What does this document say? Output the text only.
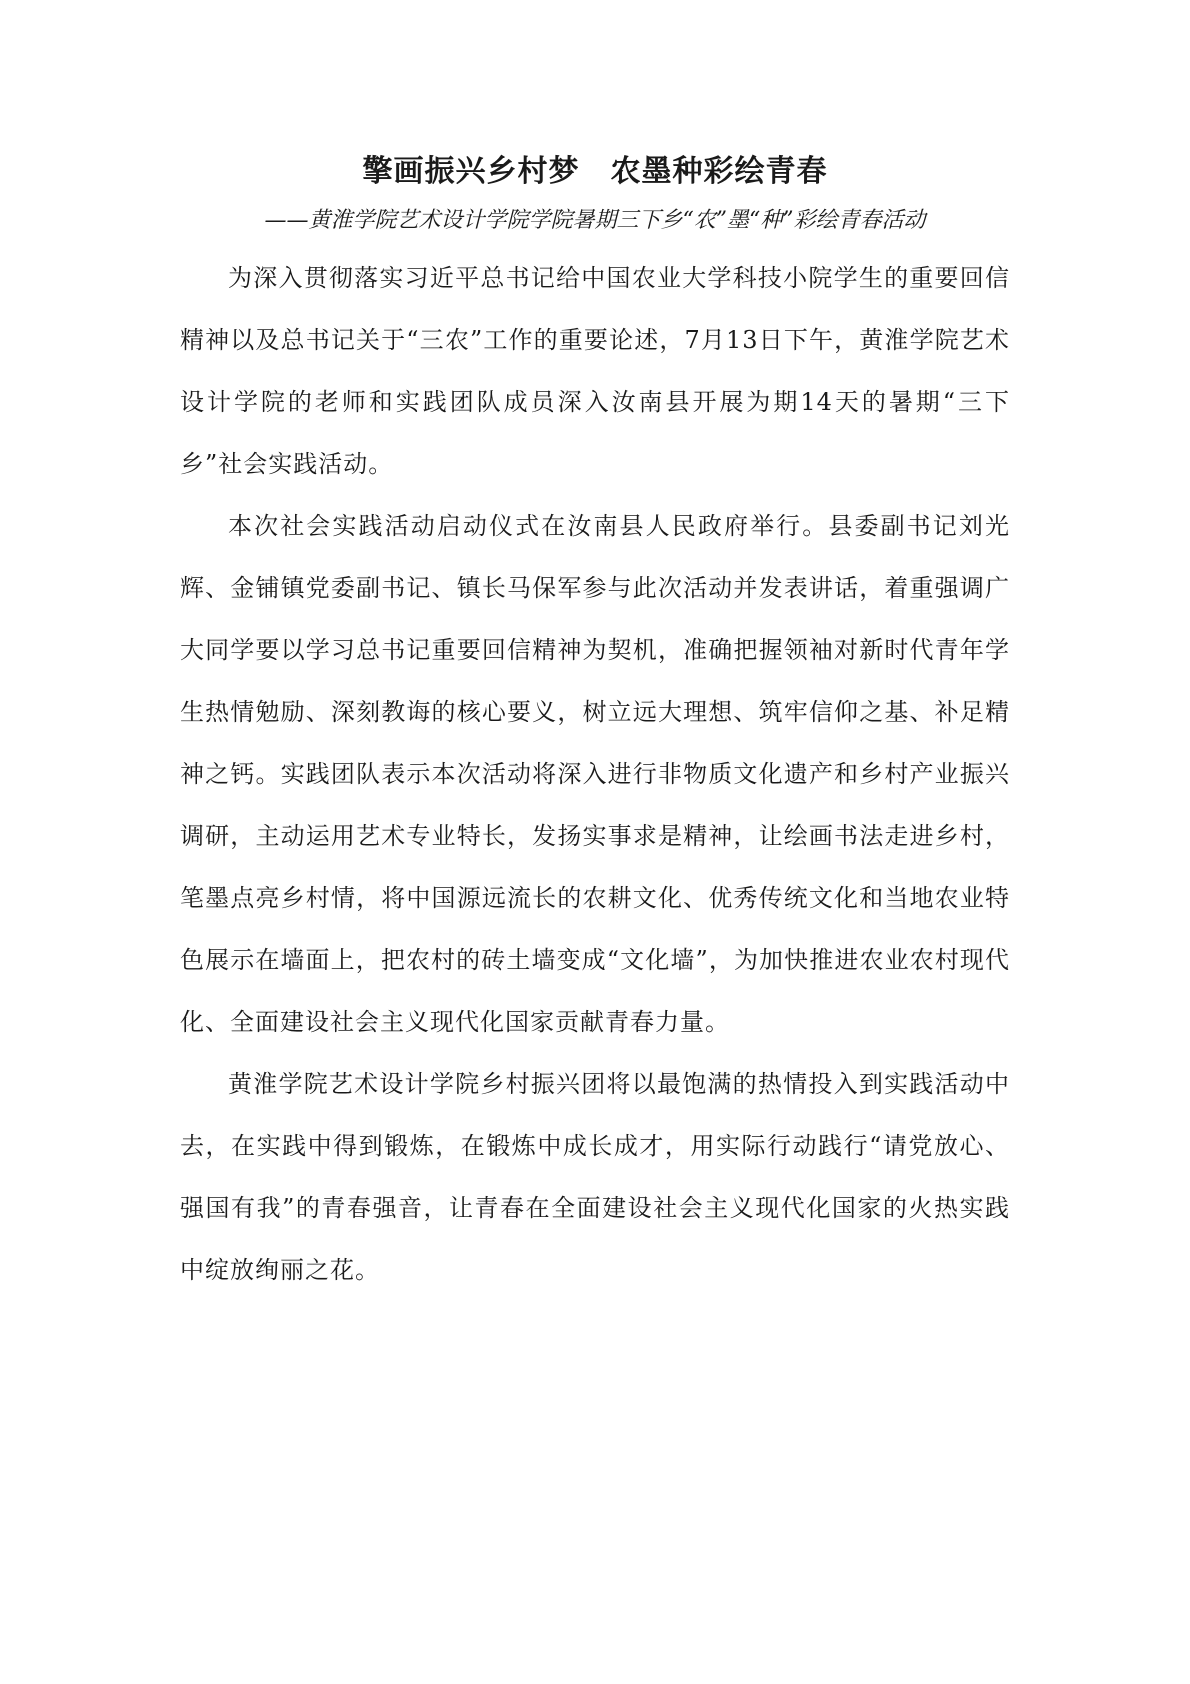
擎画振兴乡村梦　农墨种彩绘青春
——黄淮学院艺术设计学院学院暑期三下乡“农”墨“种”彩绘青春活动

为深入贯彻落实习近平总书记给中国农业大学科技小院学生的重要回信精神以及总书记关于“三农”工作的重要论述，7月13日下午，黄淮学院艺术设计学院的老师和实践团队成员深入汝南县开展为期14天的暑期“三下乡”社会实践活动。

本次社会实践活动启动仪式在汝南县人民政府举行。县委副书记刘光辉、金铺镇党委副书记、镇长马保军参与此次活动并发表讲话，着重强调广大同学要以学习总书记重要回信精神为契机，准确把握领袖对新时代青年学生热情勉励、深刻教诲的核心要义，树立远大理想、筑牢信仰之基、补足精神之钙。实践团队表示本次活动将深入进行非物质文化遗产和乡村产业振兴调研，主动运用艺术专业特长，发扬实事求是精神，让绘画书法走进乡村，笔墨点亮乡村情，将中国源远流长的农耕文化、优秀传统文化和当地农业特色展示在墙面上，把农村的砖土墙变成“文化墙”，为加快推进农业农村现代化、全面建设社会主义现代化国家贡献青春力量。

黄淮学院艺术设计学院乡村振兴团将以最饱满的热情投入到实践活动中去，在实践中得到锻炼，在锻炼中成长成才，用实际行动践行“请党放心、强国有我”的青春强音，让青春在全面建设社会主义现代化国家的火热实践中绽放绚丽之花。
